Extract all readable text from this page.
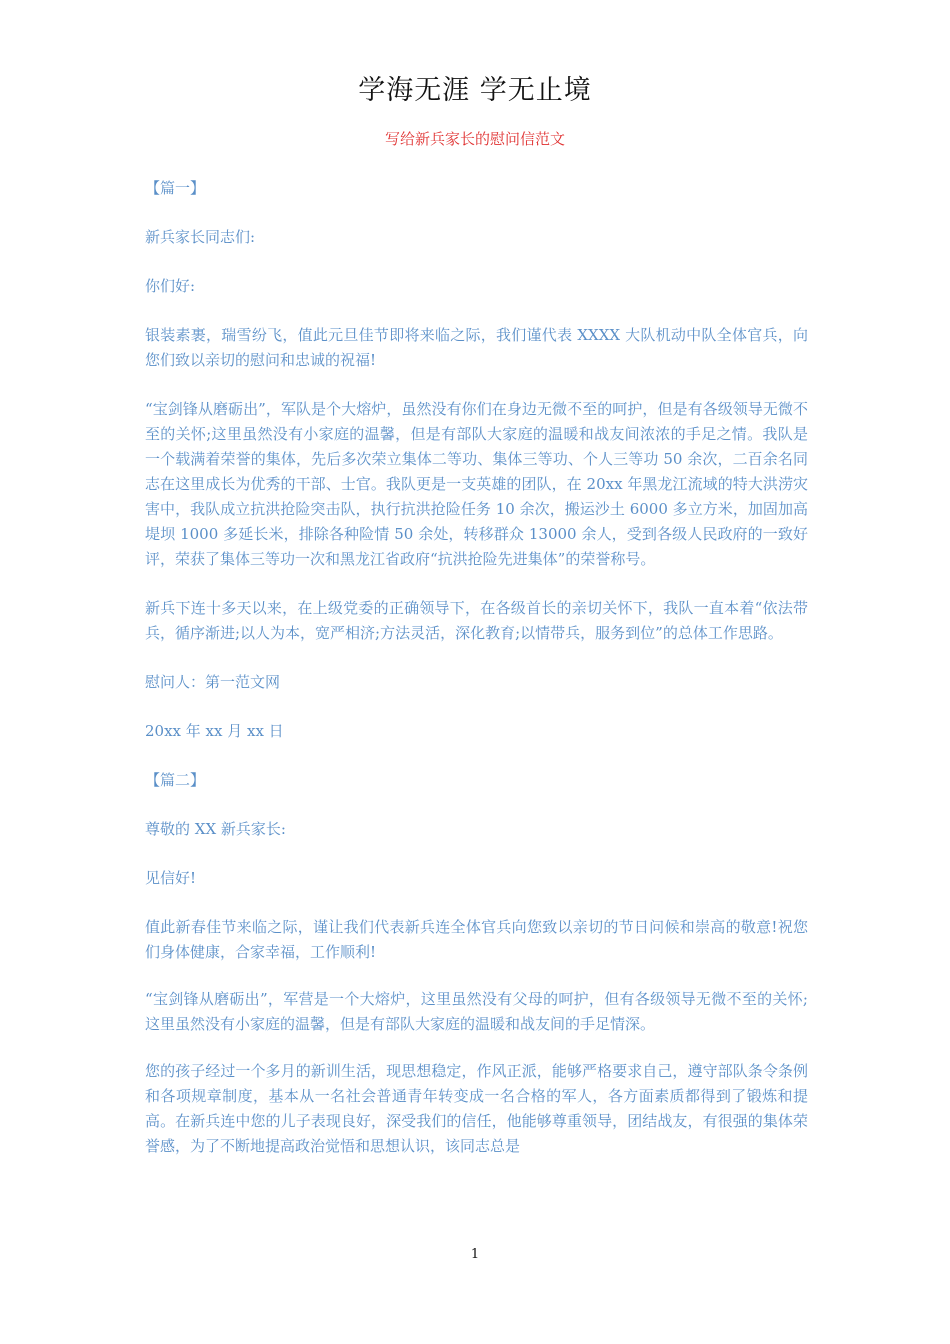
学海无涯 学无止境
写给新兵家长的慰问信范文

【篇一】

新兵家长同志们:

你们好:

银装素裹，瑞雪纷飞，值此元旦佳节即将来临之际，我们谨代表 XXXX 大队机动中队全体官兵，向您们致以亲切的慰问和忠诚的祝福!

“宝剑锋从磨砺出”，军队是个大熔炉，虽然没有你们在身边无微不至的呵护，但是有各级领导无微不至的关怀;这里虽然没有小家庭的温馨，但是有部队大家庭的温暖和战友间浓浓的手足之情。我队是一个载满着荣誉的集体，先后多次荣立集体二等功、集体三等功、个人三等功 50 余次，二百余名同志在这里成长为优秀的干部、士官。我队更是一支英雄的团队，在 20xx 年黑龙江流域的特大洪涝灾害中，我队成立抗洪抢险突击队，执行抗洪抢险任务 10 余次，搬运沙土 6000 多立方米，加固加高堤坝 1000 多延长米，排除各种险情 50 余处，转移群众 13000 余人，受到各级人民政府的一致好评，荣获了集体三等功一次和黑龙江省政府“抗洪抢险先进集体”的荣誉称号。

新兵下连十多天以来，在上级党委的正确领导下，在各级首长的亲切关怀下，我队一直本着“依法带兵，循序渐进;以人为本，宽严相济;方法灵活，深化教育;以情带兵，服务到位”的总体工作思路。

慰问人：第一范文网

20xx 年 xx 月 xx 日

【篇二】

尊敬的 XX 新兵家长:

见信好!

值此新春佳节来临之际，谨让我们代表新兵连全体官兵向您致以亲切的节日问候和崇高的敬意!祝您们身体健康，合家幸福，工作顺利!

“宝剑锋从磨砺出”，军营是一个大熔炉，这里虽然没有父母的呵护，但有各级领导无微不至的关怀;这里虽然没有小家庭的温馨，但是有部队大家庭的温暖和战友间的手足情深。

您的孩子经过一个多月的新训生活，现思想稳定，作风正派，能够严格要求自己，遵守部队条令条例和各项规章制度，基本从一名社会普通青年转变成一名合格的军人，各方面素质都得到了锻炼和提高。在新兵连中您的儿子表现良好，深受我们的信任，他能够尊重领导，团结战友，有很强的集体荣誉感，为了不断地提高政治觉悟和思想认识，该同志总是

1
